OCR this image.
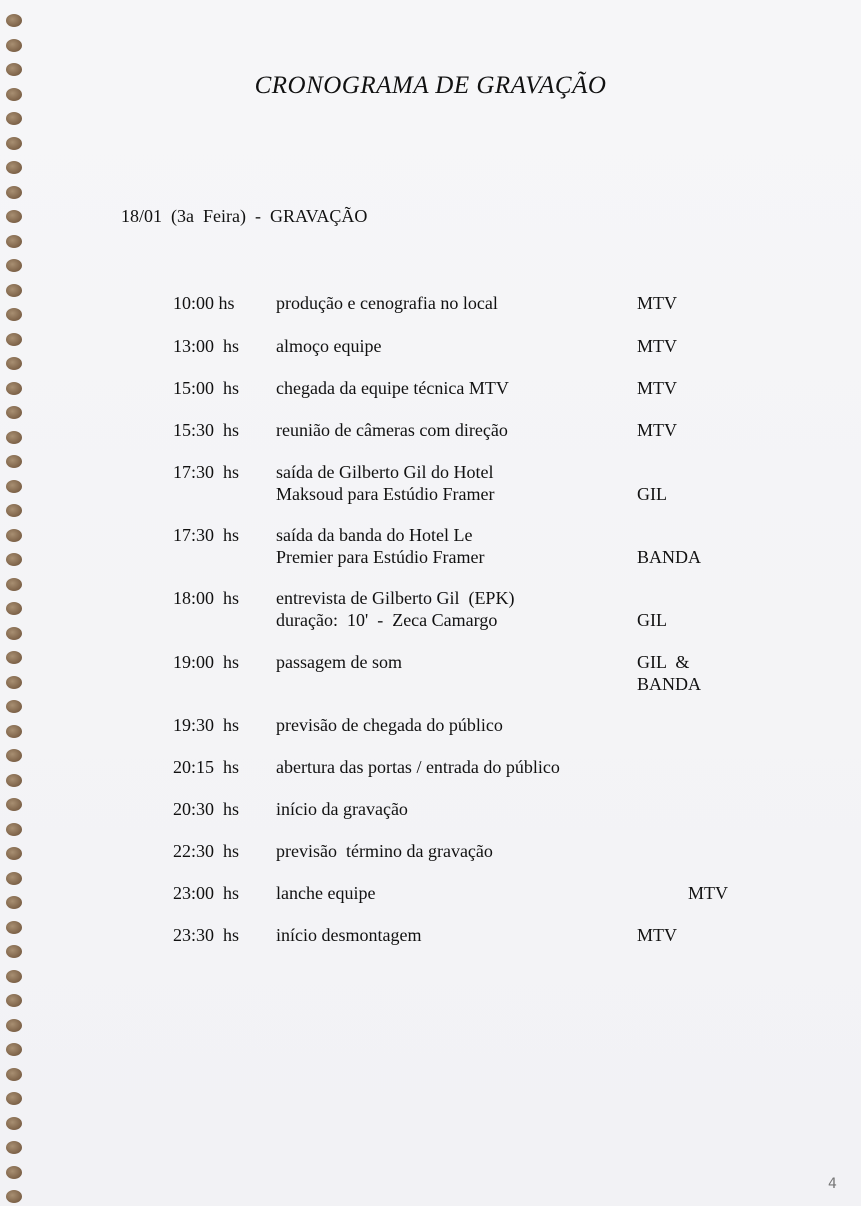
CRONOGRAMA DE GRAVAÇÃO
18/01  (3a  Feira)  -  GRAVAÇÃO
10:00 hs	produção e cenografia no local	MTV
13:00  hs	almoço equipe	MTV
15:00  hs	chegada da equipe técnica MTV	MTV
15:30  hs	reunião de câmeras com direção	MTV
17:30  hs	saída de Gilberto Gil do Hotel
Maksoud para Estúdio Framer	GIL
17:30  hs	saída da banda do Hotel Le
Premier para Estúdio Framer	BANDA
18:00  hs	entrevista de Gilberto Gil  (EPK)
duração:  10'  -  Zeca Camargo	GIL
19:00  hs	passagem de som	GIL  &
BANDA
19:30  hs	previsão de chegada do público
20:15  hs	abertura das portas / entrada do público
20:30  hs	início da gravação
22:30  hs	previsão  término da gravação
23:00  hs	lanche equipe	MTV
23:30  hs	início desmontagem	MTV
4
